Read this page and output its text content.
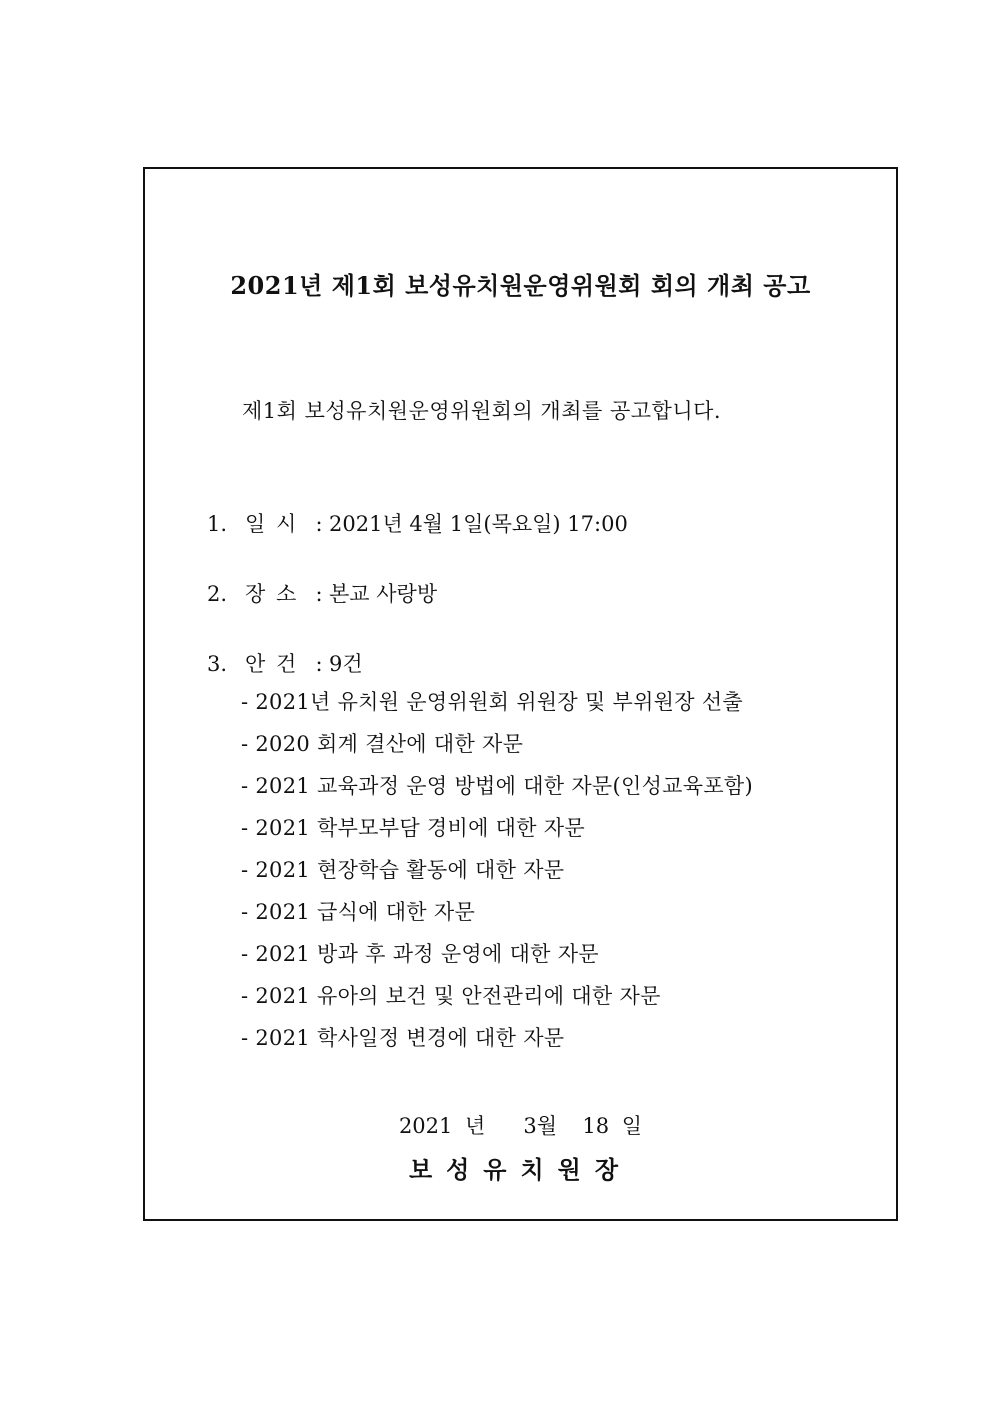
2021년 제1회 보성유치원운영위원회 회의 개최 공고
제1회 보성유치원운영위원회의 개최를 공고합니다.
1. 일 시 : 2021년 4월 1일(목요일) 17:00
2. 장 소 : 본교 사랑방
3. 안 건 : 9건
- 2021년 유치원 운영위원회 위원장 및 부위원장 선출
- 2020 회계 결산에 대한 자문
- 2021 교육과정 운영 방법에 대한 자문(인성교육포함)
- 2021 학부모부담 경비에 대한 자문
- 2021 현장학습 활동에 대한 자문
- 2021 급식에 대한 자문
- 2021 방과 후 과정 운영에 대한 자문
- 2021 유아의 보건 및 안전관리에 대한 자문
- 2021 학사일정 변경에 대한 자문
2021 년   3월  18 일
보성유치원장
